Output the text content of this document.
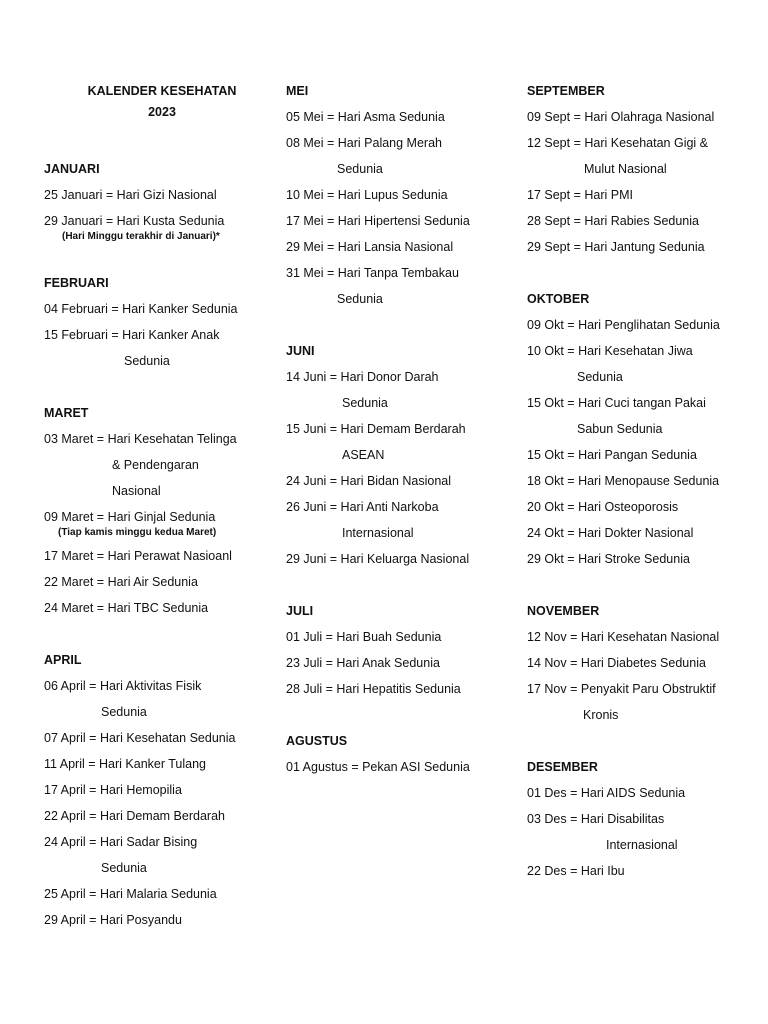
KALENDER KESEHATAN
2023
JANUARI
25 Januari = Hari Gizi Nasional
29 Januari = Hari Kusta Sedunia
(Hari Minggu terakhir di Januari)*
FEBRUARI
04 Februari = Hari Kanker Sedunia
15 Februari = Hari Kanker Anak
Sedunia
MARET
03 Maret = Hari Kesehatan Telinga
& Pendengaran
Nasional
09 Maret = Hari Ginjal Sedunia
(Tiap kamis minggu kedua Maret)
17 Maret = Hari Perawat Nasioanl
22 Maret = Hari Air Sedunia
24 Maret = Hari TBC Sedunia
APRIL
06 April = Hari Aktivitas Fisik
Sedunia
07 April = Hari Kesehatan Sedunia
11 April = Hari Kanker Tulang
17 April = Hari Hemopilia
22 April = Hari Demam Berdarah
24 April = Hari Sadar Bising
Sedunia
25 April = Hari Malaria Sedunia
29 April = Hari Posyandu
MEI
05 Mei = Hari Asma Sedunia
08 Mei = Hari Palang Merah
Sedunia
10 Mei = Hari Lupus Sedunia
17 Mei = Hari Hipertensi Sedunia
29 Mei = Hari Lansia Nasional
31 Mei = Hari Tanpa Tembakau
Sedunia
JUNI
14 Juni = Hari Donor Darah
Sedunia
15 Juni = Hari Demam Berdarah
ASEAN
24 Juni = Hari Bidan Nasional
26 Juni = Hari Anti Narkoba
Internasional
29 Juni = Hari Keluarga Nasional
JULI
01 Juli = Hari Buah Sedunia
23 Juli = Hari Anak Sedunia
28 Juli = Hari Hepatitis Sedunia
AGUSTUS
01 Agustus = Pekan ASI Sedunia
SEPTEMBER
09 Sept = Hari Olahraga Nasional
12 Sept = Hari Kesehatan Gigi &
Mulut Nasional
17 Sept = Hari PMI
28 Sept = Hari Rabies Sedunia
29 Sept = Hari Jantung Sedunia
OKTOBER
09 Okt = Hari Penglihatan Sedunia
10 Okt = Hari Kesehatan Jiwa
Sedunia
15 Okt = Hari Cuci tangan Pakai
Sabun Sedunia
15 Okt = Hari Pangan Sedunia
18 Okt = Hari Menopause Sedunia
20 Okt = Hari Osteoporosis
24 Okt = Hari Dokter Nasional
29 Okt = Hari Stroke Sedunia
NOVEMBER
12 Nov = Hari Kesehatan Nasional
14 Nov = Hari Diabetes Sedunia
17 Nov = Penyakit Paru Obstruktif
Kronis
DESEMBER
01 Des = Hari AIDS Sedunia
03 Des = Hari Disabilitas
Internasional
22 Des = Hari Ibu
